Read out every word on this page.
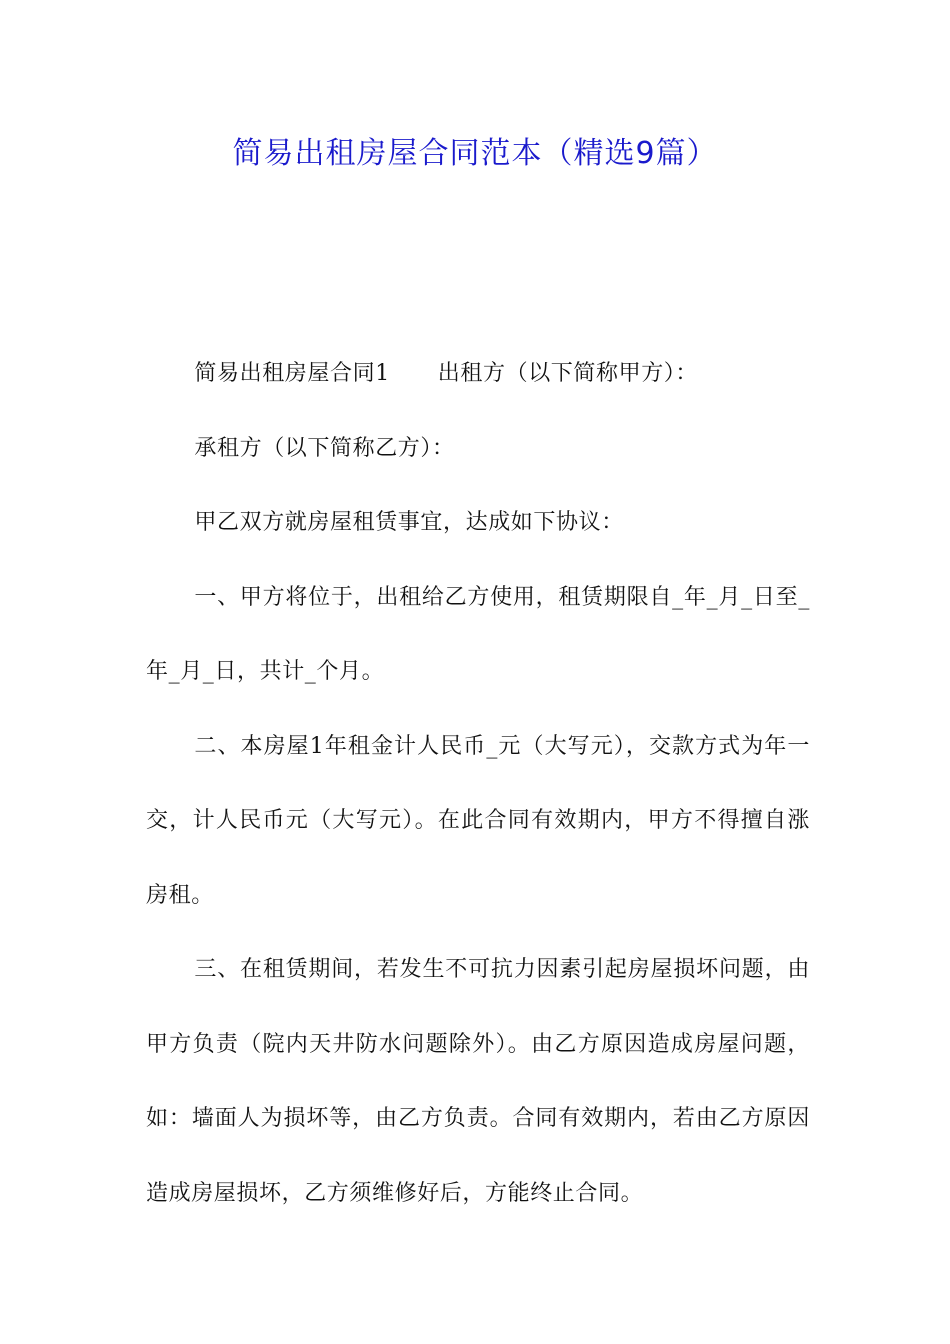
简易出租房屋合同范本（精选9篇）

简易出租房屋合同1 出租方（以下简称甲方）：

承租方（以下简称乙方）：

甲乙双方就房屋租赁事宜，达成如下协议：

一、甲方将位于，出租给乙方使用，租赁期限自_年_月_日至_年_月_日，共计_个月。

二、本房屋1年租金计人民币_元（大写元），交款方式为年一交，计人民币元（大写元）。在此合同有效期内，甲方不得擅自涨房租。

三、在租赁期间，若发生不可抗力因素引起房屋损坏问题，由甲方负责（院内天井防水问题除外）。由乙方原因造成房屋问题，如：墙面人为损坏等，由乙方负责。合同有效期内，若由乙方原因造成房屋损坏，乙方须维修好后，方能终止合同。
